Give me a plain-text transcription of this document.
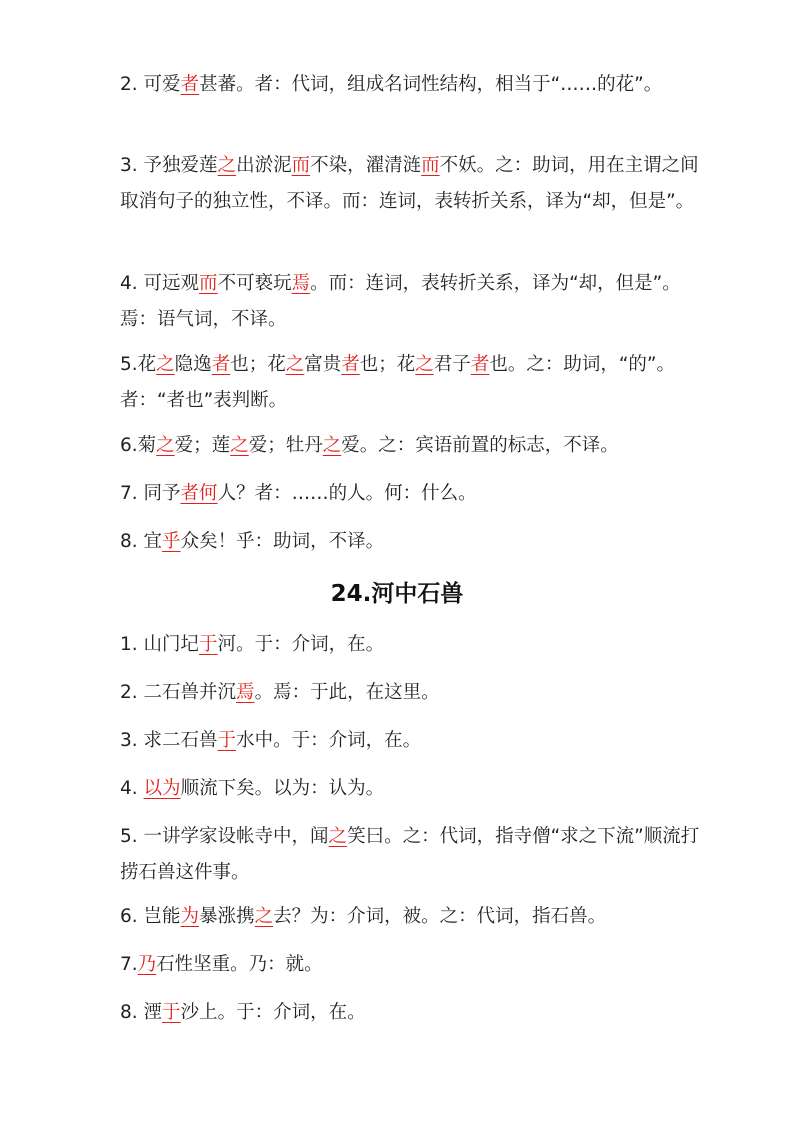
2. 可爱者甚蕃。者：代词，组成名词性结构，相当于“……的花”。

3. 予独爱莲之出淤泥而不染，濯清涟而不妖。之：助词，用在主谓之间取消句子的独立性，不译。而：连词，表转折关系，译为“却，但是”。

4. 可远观而不可亵玩焉。而：连词，表转折关系，译为“却，但是”。焉：语气词，不译。

5.花之隐逸者也；花之富贵者也；花之君子者也。之：助词，“的”。者：“者也”表判断。

6.菊之爱；莲之爱；牡丹之爱。之：宾语前置的标志，不译。

7. 同予者何人？者：……的人。何：什么。

8. 宜乎众矣！乎：助词，不译。

24.河中石兽

1. 山门圮于河。于：介词，在。

2. 二石兽并沉焉。焉：于此，在这里。

3. 求二石兽于水中。于：介词，在。

4. 以为顺流下矣。以为：认为。

5. 一讲学家设帐寺中，闻之笑曰。之：代词，指寺僧“求之下流”顺流打捞石兽这件事。

6. 岂能为暴涨携之去？为：介词，被。之：代词，指石兽。

7.乃石性坚重。乃：就。

8. 湮于沙上。于：介词，在。
